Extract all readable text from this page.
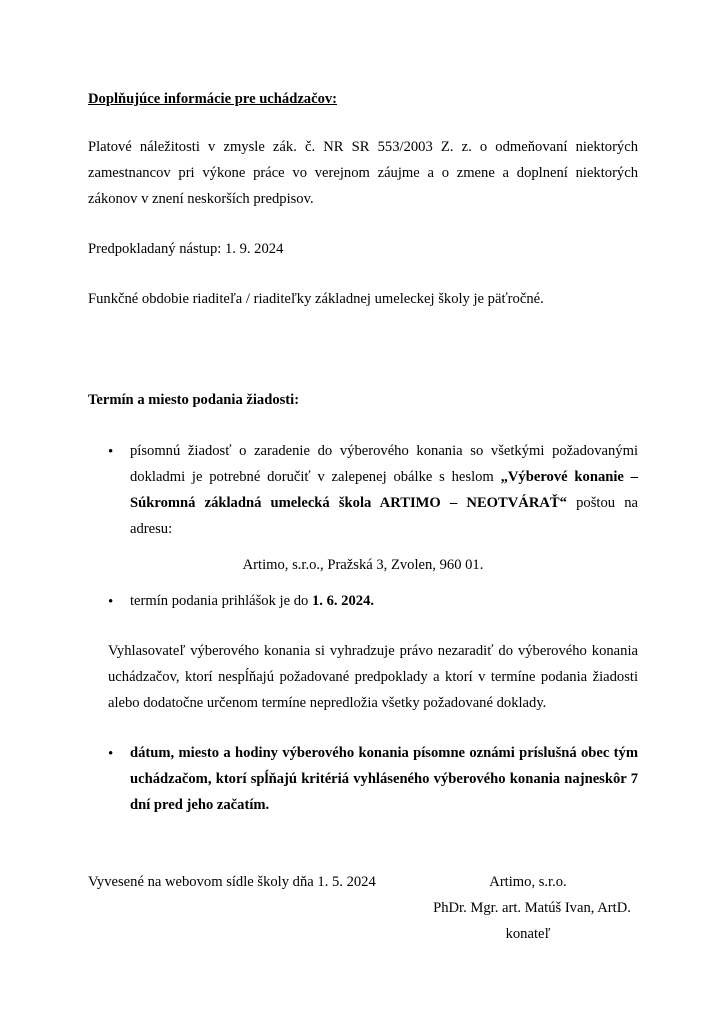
Doplňujúce informácie pre uchádzačov:

Platové náležitosti v zmysle zák. č. NR SR 553/2003 Z. z. o odmeňovaní niektorých zamestnancov pri výkone práce vo verejnom záujme a o zmene a doplnení niektorých zákonov v znení neskorších predpisov.

Predpokladaný nástup: 1. 9. 2024

Funkčné obdobie riaditeľa / riaditeľky základnej umeleckej školy je päťročné.

Termín a miesto podania žiadosti:

• písomnú žiadosť o zaradenie do výberového konania so všetkými požadovanými dokladmi je potrebné doručiť v zalepenej obálke s heslom „Výberové konanie – Súkromná základná umelecká škola ARTIMO – NEOTVÁRAŤ“ poštou na adresu:

Artimo, s.r.o., Pražská 3, Zvolen, 960 01.

• termín podania prihlášok je do 1. 6. 2024.

Vyhlasovateľ výberového konania si vyhradzuje právo nezaradiť do výberového konania uchádzačov, ktorí nespĺňajú požadované predpoklady a ktorí v termíne podania žiadosti alebo dodatočne určenom termíne nepredložia všetky požadované doklady.

• dátum, miesto a hodiny výberového konania písomne oznámi príslušná obec tým uchádzačom, ktorí spĺňajú kritériá vyhláseného výberového konania najneskôr 7 dní pred jeho začatím.

Vyvesené na webovom sídle školy dňa 1. 5. 2024	Artimo, s.r.o.
PhDr. Mgr. art. Matúš Ivan, ArtD.
konateľ
